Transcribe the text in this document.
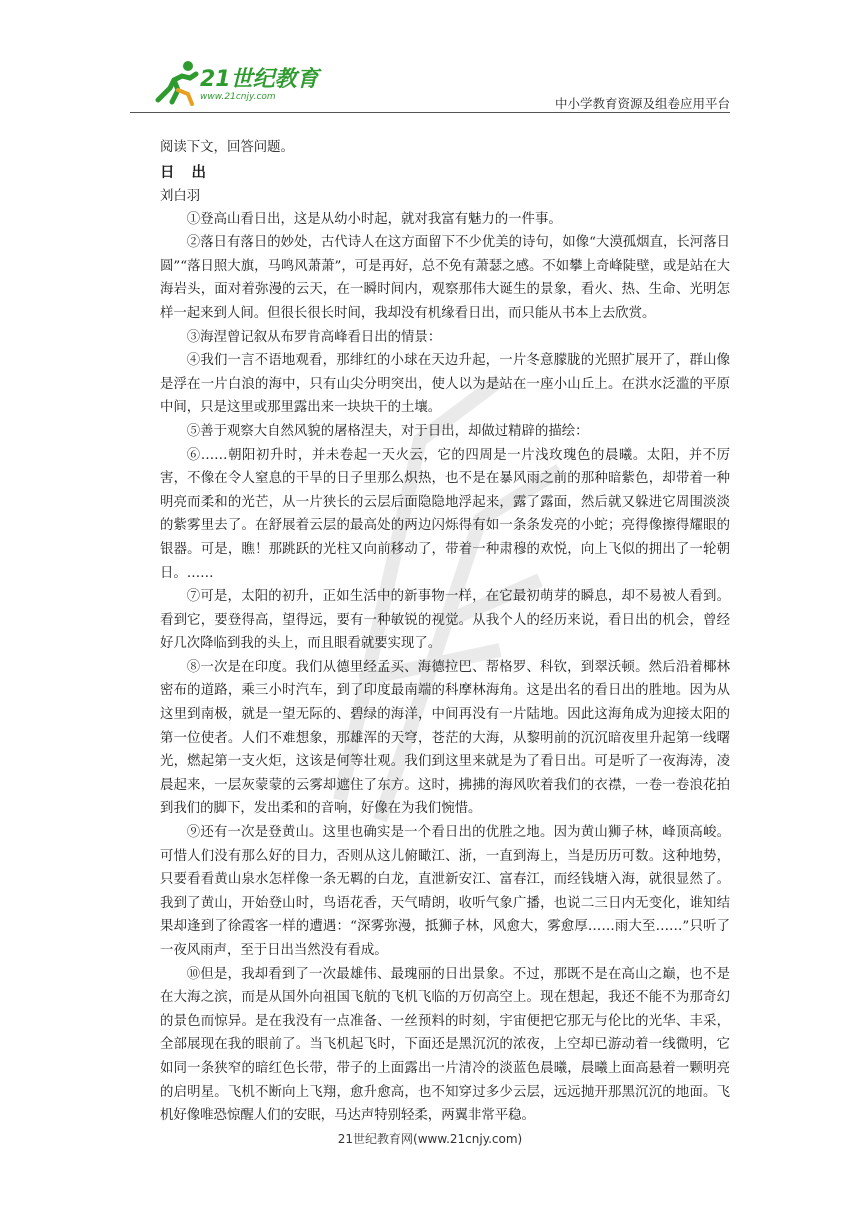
21世纪教育
www.21cnjy.com	中小学教育资源及组卷应用平台

阅读下文，回答问题。

日 出

刘白羽

①登高山看日出，这是从幼小时起，就对我富有魅力的一件事。

②落日有落日的妙处，古代诗人在这方面留下不少优美的诗句，如像“大漠孤烟直，长河落日圆”“落日照大旗，马鸣风萧萧”，可是再好，总不免有萧瑟之感。不如攀上奇峰陡壁，或是站在大海岩头，面对着弥漫的云天，在一瞬时间内，观察那伟大诞生的景象，看火、热、生命、光明怎样一起来到人间。但很长很长时间，我却没有机缘看日出，而只能从书本上去欣赏。

③海涅曾记叙从布罗肯高峰看日出的情景：

④我们一言不语地观看，那绯红的小球在天边升起，一片冬意朦胧的光照扩展开了，群山像是浮在一片白浪的海中，只有山尖分明突出，使人以为是站在一座小山丘上。在洪水泛滥的平原中间，只是这里或那里露出来一块块干的土壤。

⑤善于观察大自然风貌的屠格涅夫，对于日出，却做过精辟的描绘：

⑥……朝阳初升时，并未卷起一天火云，它的四周是一片浅玫瑰色的晨曦。太阳，并不厉害，不像在令人窒息的干旱的日子里那么炽热，也不是在暴风雨之前的那种暗紫色，却带着一种明亮而柔和的光芒，从一片狭长的云层后面隐隐地浮起来，露了露面，然后就又躲进它周围淡淡的紫雾里去了。在舒展着云层的最高处的两边闪烁得有如一条条发亮的小蛇；亮得像擦得耀眼的银器。可是，瞧！那跳跃的光柱又向前移动了，带着一种肃穆的欢悦，向上飞似的拥出了一轮朝日。……

⑦可是，太阳的初升，正如生活中的新事物一样，在它最初萌芽的瞬息，却不易被人看到。看到它，要登得高，望得远，要有一种敏锐的视觉。从我个人的经历来说，看日出的机会，曾经好几次降临到我的头上，而且眼看就要实现了。

⑧一次是在印度。我们从德里经孟买、海德拉巴、帮格罗、科钦，到翠沃顿。然后沿着椰林密布的道路，乘三小时汽车，到了印度最南端的科摩林海角。这是出名的看日出的胜地。因为从这里到南极，就是一望无际的、碧绿的海洋，中间再没有一片陆地。因此这海角成为迎接太阳的第一位使者。人们不难想象，那雄浑的天穹，苍茫的大海，从黎明前的沉沉暗夜里升起第一线曙光，燃起第一支火炬，这该是何等壮观。我们到这里来就是为了看日出。可是听了一夜海涛，凌晨起来，一层灰蒙蒙的云雾却遮住了东方。这时，拂拂的海风吹着我们的衣襟，一卷一卷浪花拍到我们的脚下，发出柔和的音响，好像在为我们惋惜。

⑨还有一次是登黄山。这里也确实是一个看日出的优胜之地。因为黄山狮子林，峰顶高峻。可惜人们没有那么好的目力，否则从这儿俯瞰江、浙，一直到海上，当是历历可数。这种地势，只要看看黄山泉水怎样像一条无羁的白龙，直泄新安江、富春江，而经钱塘入海，就很显然了。我到了黄山，开始登山时，鸟语花香，天气晴朗，收听气象广播，也说二三日内无变化，谁知结果却逢到了徐霞客一样的遭遇：“深雾弥漫，抵狮子林，风愈大，雾愈厚……雨大至……”只听了一夜风雨声，至于日出当然没有看成。

⑩但是，我却看到了一次最雄伟、最瑰丽的日出景象。不过，那既不是在高山之巅，也不是在大海之滨，而是从国外向祖国飞航的飞机飞临的万仞高空上。现在想起，我还不能不为那奇幻的景色而惊异。是在我没有一点准备、一丝预料的时刻，宇宙便把它那无与伦比的光华、丰采，全部展现在我的眼前了。当飞机起飞时，下面还是黑沉沉的浓夜，上空却已游动着一线微明，它如同一条狭窄的暗红色长带，带子的上面露出一片清冷的淡蓝色晨曦，晨曦上面高悬着一颗明亮的启明星。飞机不断向上飞翔，愈升愈高，也不知穿过多少云层，远远抛开那黑沉沉的地面。飞机好像唯恐惊醒人们的安眠，马达声特别轻柔，两翼非常平稳。

21世纪教育网(www.21cnjy.com)
